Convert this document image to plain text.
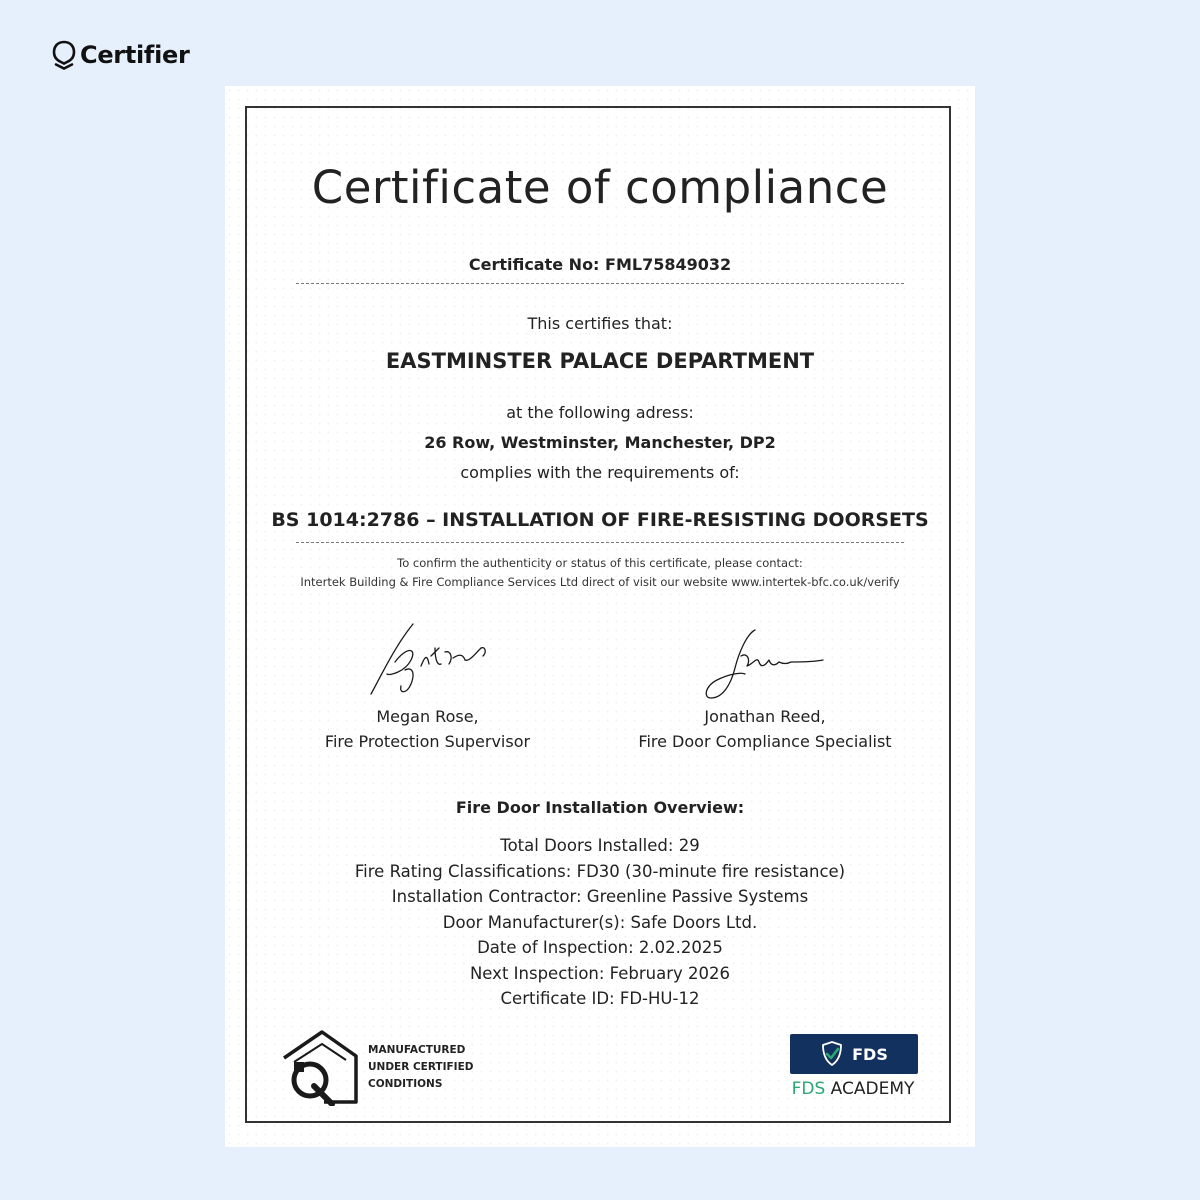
Certifier
Certificate of compliance
Certificate No: FML75849032
This certifies that:
EASTMINSTER PALACE DEPARTMENT
at the following adress:
26 Row, Westminster, Manchester, DP2
complies with the requirements of:
BS 1014:2786 – INSTALLATION OF FIRE-RESISTING DOORSETS
To confirm the authenticity or status of this certificate, please contact:
Intertek Building & Fire Compliance Services Ltd direct of visit our website www.intertek-bfc.co.uk/verify
Megan Rose,
Fire Protection Supervisor
Jonathan Reed,
Fire Door Compliance Specialist
Fire Door Installation Overview:
Total Doors Installed: 29
Fire Rating Classifications: FD30 (30-minute fire resistance)
Installation Contractor: Greenline Passive Systems
Door Manufacturer(s): Safe Doors Ltd.
Date of Inspection: 2.02.2025
Next Inspection: February 2026
Certificate ID: FD-HU-12
MANUFACTURED
UNDER CERTIFIED
CONDITIONS
FDS
FDS ACADEMY
